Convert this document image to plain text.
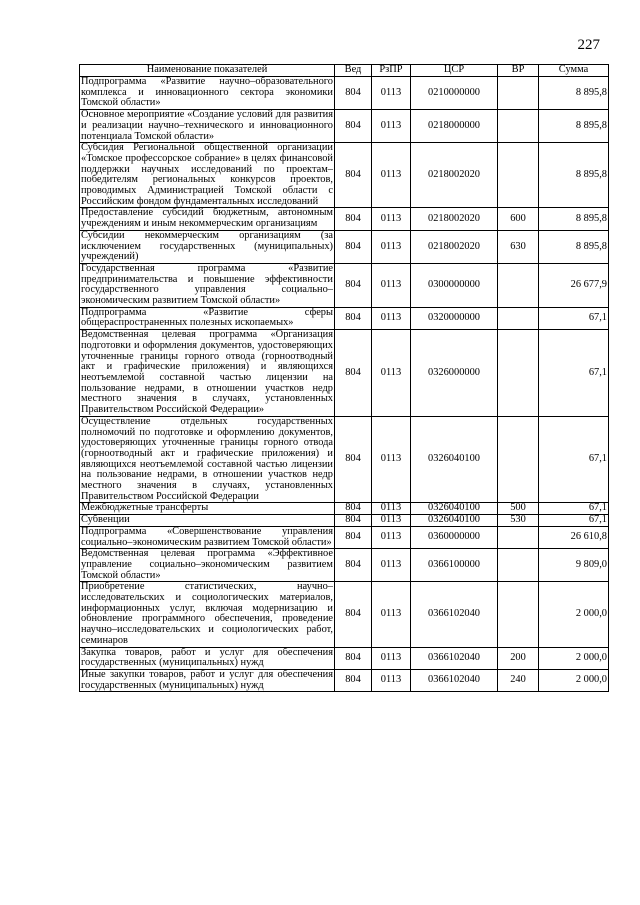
227
Наименование показателей	Вед	РзПР	ЦСР	ВР	Сумма
Подпрограмма «Развитие научно–образовательного комплекса и инновационного сектора экономики Томской области»	804	0113	0210000000		8 895,8
Основное мероприятие «Создание условий для развития и реализации научно–технического и инновационного потенциала Томской области»	804	0113	0218000000		8 895,8
Субсидия Региональной общественной организации «Томское профессорское собрание» в целях финансовой поддержки научных исследований по проектам–победителям региональных конкурсов проектов, проводимых Администрацией Томской области с Российским фондом фундаментальных исследований	804	0113	0218002020		8 895,8
Предоставление субсидий бюджетным, автономным учреждениям и иным некоммерческим организациям	804	0113	0218002020	600	8 895,8
Субсидии некоммерческим организациям (за исключением государственных (муниципальных) учреждений)	804	0113	0218002020	630	8 895,8
Государственная программа «Развитие предпринимательства и повышение эффективности государственного управления социально–экономическим развитием Томской области»	804	0113	0300000000		26 677,9
Подпрограмма «Развитие сферы общераспространенных полезных ископаемых»	804	0113	0320000000		67,1
Ведомственная целевая программа «Организация подготовки и оформления документов, удостоверяющих уточненные границы горного отвода (горноотводный акт и графические приложения) и являющихся неотъемлемой составной частью лицензии на пользование недрами, в отношении участков недр местного значения в случаях, установленных Правительством Российской Федерации»	804	0113	0326000000		67,1
Осуществление отдельных государственных полномочий по подготовке и оформлению документов, удостоверяющих уточненные границы горного отвода (горноотводный акт и графические приложения) и являющихся неотъемлемой составной частью лицензии на пользование недрами, в отношении участков недр местного значения в случаях, установленных Правительством Российской Федерации	804	0113	0326040100		67,1
Межбюджетные трансферты	804	0113	0326040100	500	67,1
Субвенции	804	0113	0326040100	530	67,1
Подпрограмма «Совершенствование управления социально–экономическим развитием Томской области»	804	0113	0360000000		26 610,8
Ведомственная целевая программа «Эффективное управление социально–экономическим развитием Томской области»	804	0113	0366100000		9 809,0
Приобретение статистических, научно–исследовательских и социологических материалов, информационных услуг, включая модернизацию и обновление программного обеспечения, проведение научно–исследовательских и социологических работ, семинаров	804	0113	0366102040		2 000,0
Закупка товаров, работ и услуг для обеспечения государственных (муниципальных) нужд	804	0113	0366102040	200	2 000,0
Иные закупки товаров, работ и услуг для обеспечения государственных (муниципальных) нужд	804	0113	0366102040	240	2 000,0
